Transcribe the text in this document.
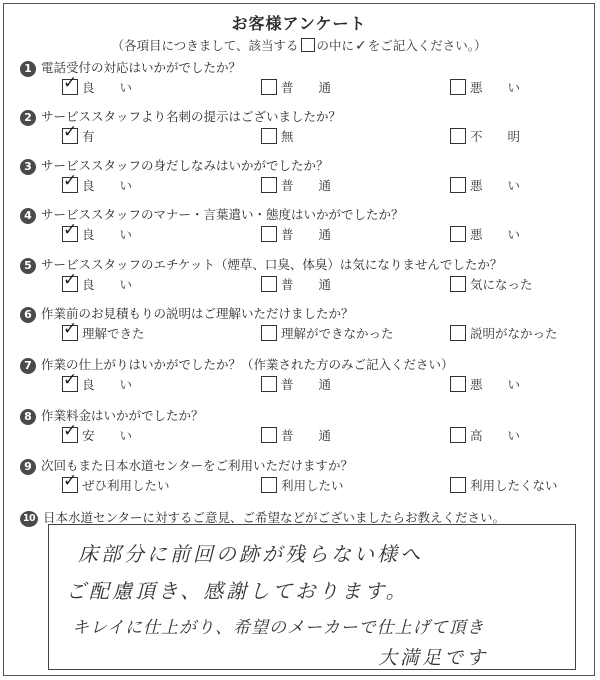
お客様アンケート
（各項目につきまして、該当する の中に✓をご記入ください。）
1 電話受付の対応はいかがでしたか？
✓良　　い	普　　通	悪　　い
2 サービススタッフより名刺の提示はございましたか？
✓有	無	不　　明
3 サービススタッフの身だしなみはいかがでしたか？
✓良　　い	普　　通	悪　　い
4 サービススタッフのマナー・言葉遣い・態度はいかがでしたか？
✓良　　い	普　　通	悪　　い
5 サービススタッフのエチケット（煙草、口臭、体臭）は気になりませんでしたか？
✓良　　い	普　　通	気になった
6 作業前のお見積もりの説明はご理解いただけましたか？
✓理解できた	理解ができなかった	説明がなかった
7 作業の仕上がりはいかがでしたか？（作業された方のみご記入ください）
✓良　　い	普　　通	悪　　い
8 作業料金はいかがでしたか？
✓安　　い	普　　通	高　　い
9 次回もまた日本水道センターをご利用いただけますか？
✓ぜひ利用したい	利用したい	利用したくない
10 日本水道センターに対するご意見、ご希望などがございましたらお教えください。
床部分に前回の跡が残らない様へ
ご配慮頂き、感謝しております。
キレイに仕上がり、希望のメーカーで仕上げて頂き
大満足です
